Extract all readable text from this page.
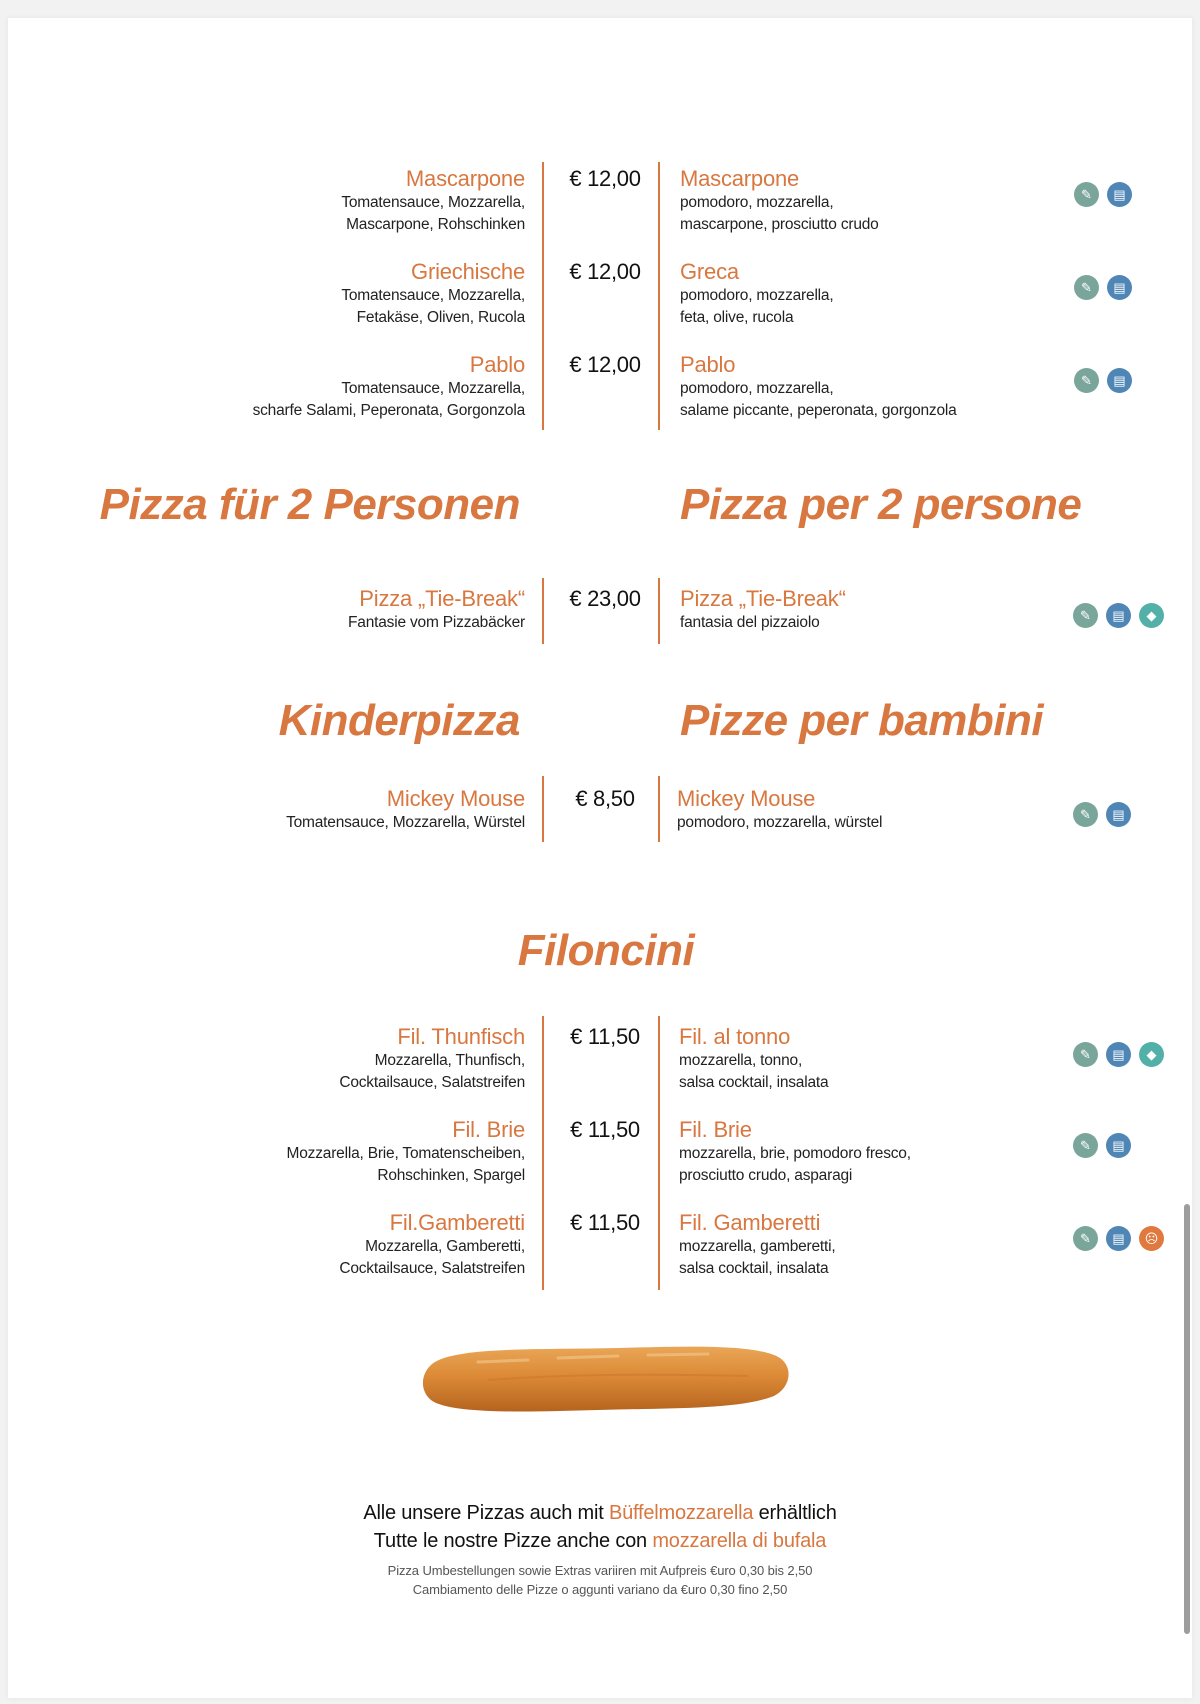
Mascarpone
Tomatensauce, Mozzarella,
Mascarpone, Rohschinken
€ 12,00	Mascarpone
pomodoro, mozzarella,
mascarpone, prosciutto crudo
✎	▤
Griechische
Tomatensauce, Mozzarella,
Fetakäse, Oliven, Rucola
€ 12,00	Greca
pomodoro, mozzarella,
feta, olive, rucola
✎	▤
Pablo
Tomatensauce, Mozzarella,
scharfe Salami, Peperonata, Gorgonzola
€ 12,00	Pablo
pomodoro, mozzarella,
salame piccante, peperonata, gorgonzola
✎	▤
Pizza für 2 Personen	Pizza per 2 persone
Pizza „Tie-Break“
Fantasie vom Pizzabäcker
€ 23,00	Pizza „Tie-Break“
fantasia del pizzaiolo	✎	▤	◆
Kinderpizza	Pizze per bambini
Mickey Mouse
Tomatensauce, Mozzarella, Würstel
€ 8,50	Mickey Mouse
pomodoro, mozzarella, würstel	✎	▤
Filoncini
Fil. Thunfisch
Mozzarella, Thunfisch,
Cocktailsauce, Salatstreifen
€ 11,50	Fil. al tonno
mozzarella, tonno,
salsa cocktail, insalata
✎	▤	◆
Fil. Brie
Mozzarella, Brie, Tomatenscheiben,
Rohschinken, Spargel
€ 11,50	Fil. Brie
mozzarella, brie, pomodoro fresco,
prosciutto crudo, asparagi
✎	▤
Fil.Gamberetti
Mozzarella, Gamberetti,
Cocktailsauce, Salatstreifen
€ 11,50	Fil. Gamberetti
mozzarella, gamberetti,
salsa cocktail, insalata
✎	▤	☹
Alle unsere Pizzas auch mit Büffelmozzarella erhältlich
Tutte le nostre Pizze anche con mozzarella di bufala
Pizza Umbestellungen sowie Extras variiren mit Aufpreis €uro 0,30 bis 2,50
Cambiamento delle Pizze o aggunti variano da €uro 0,30 fino 2,50
